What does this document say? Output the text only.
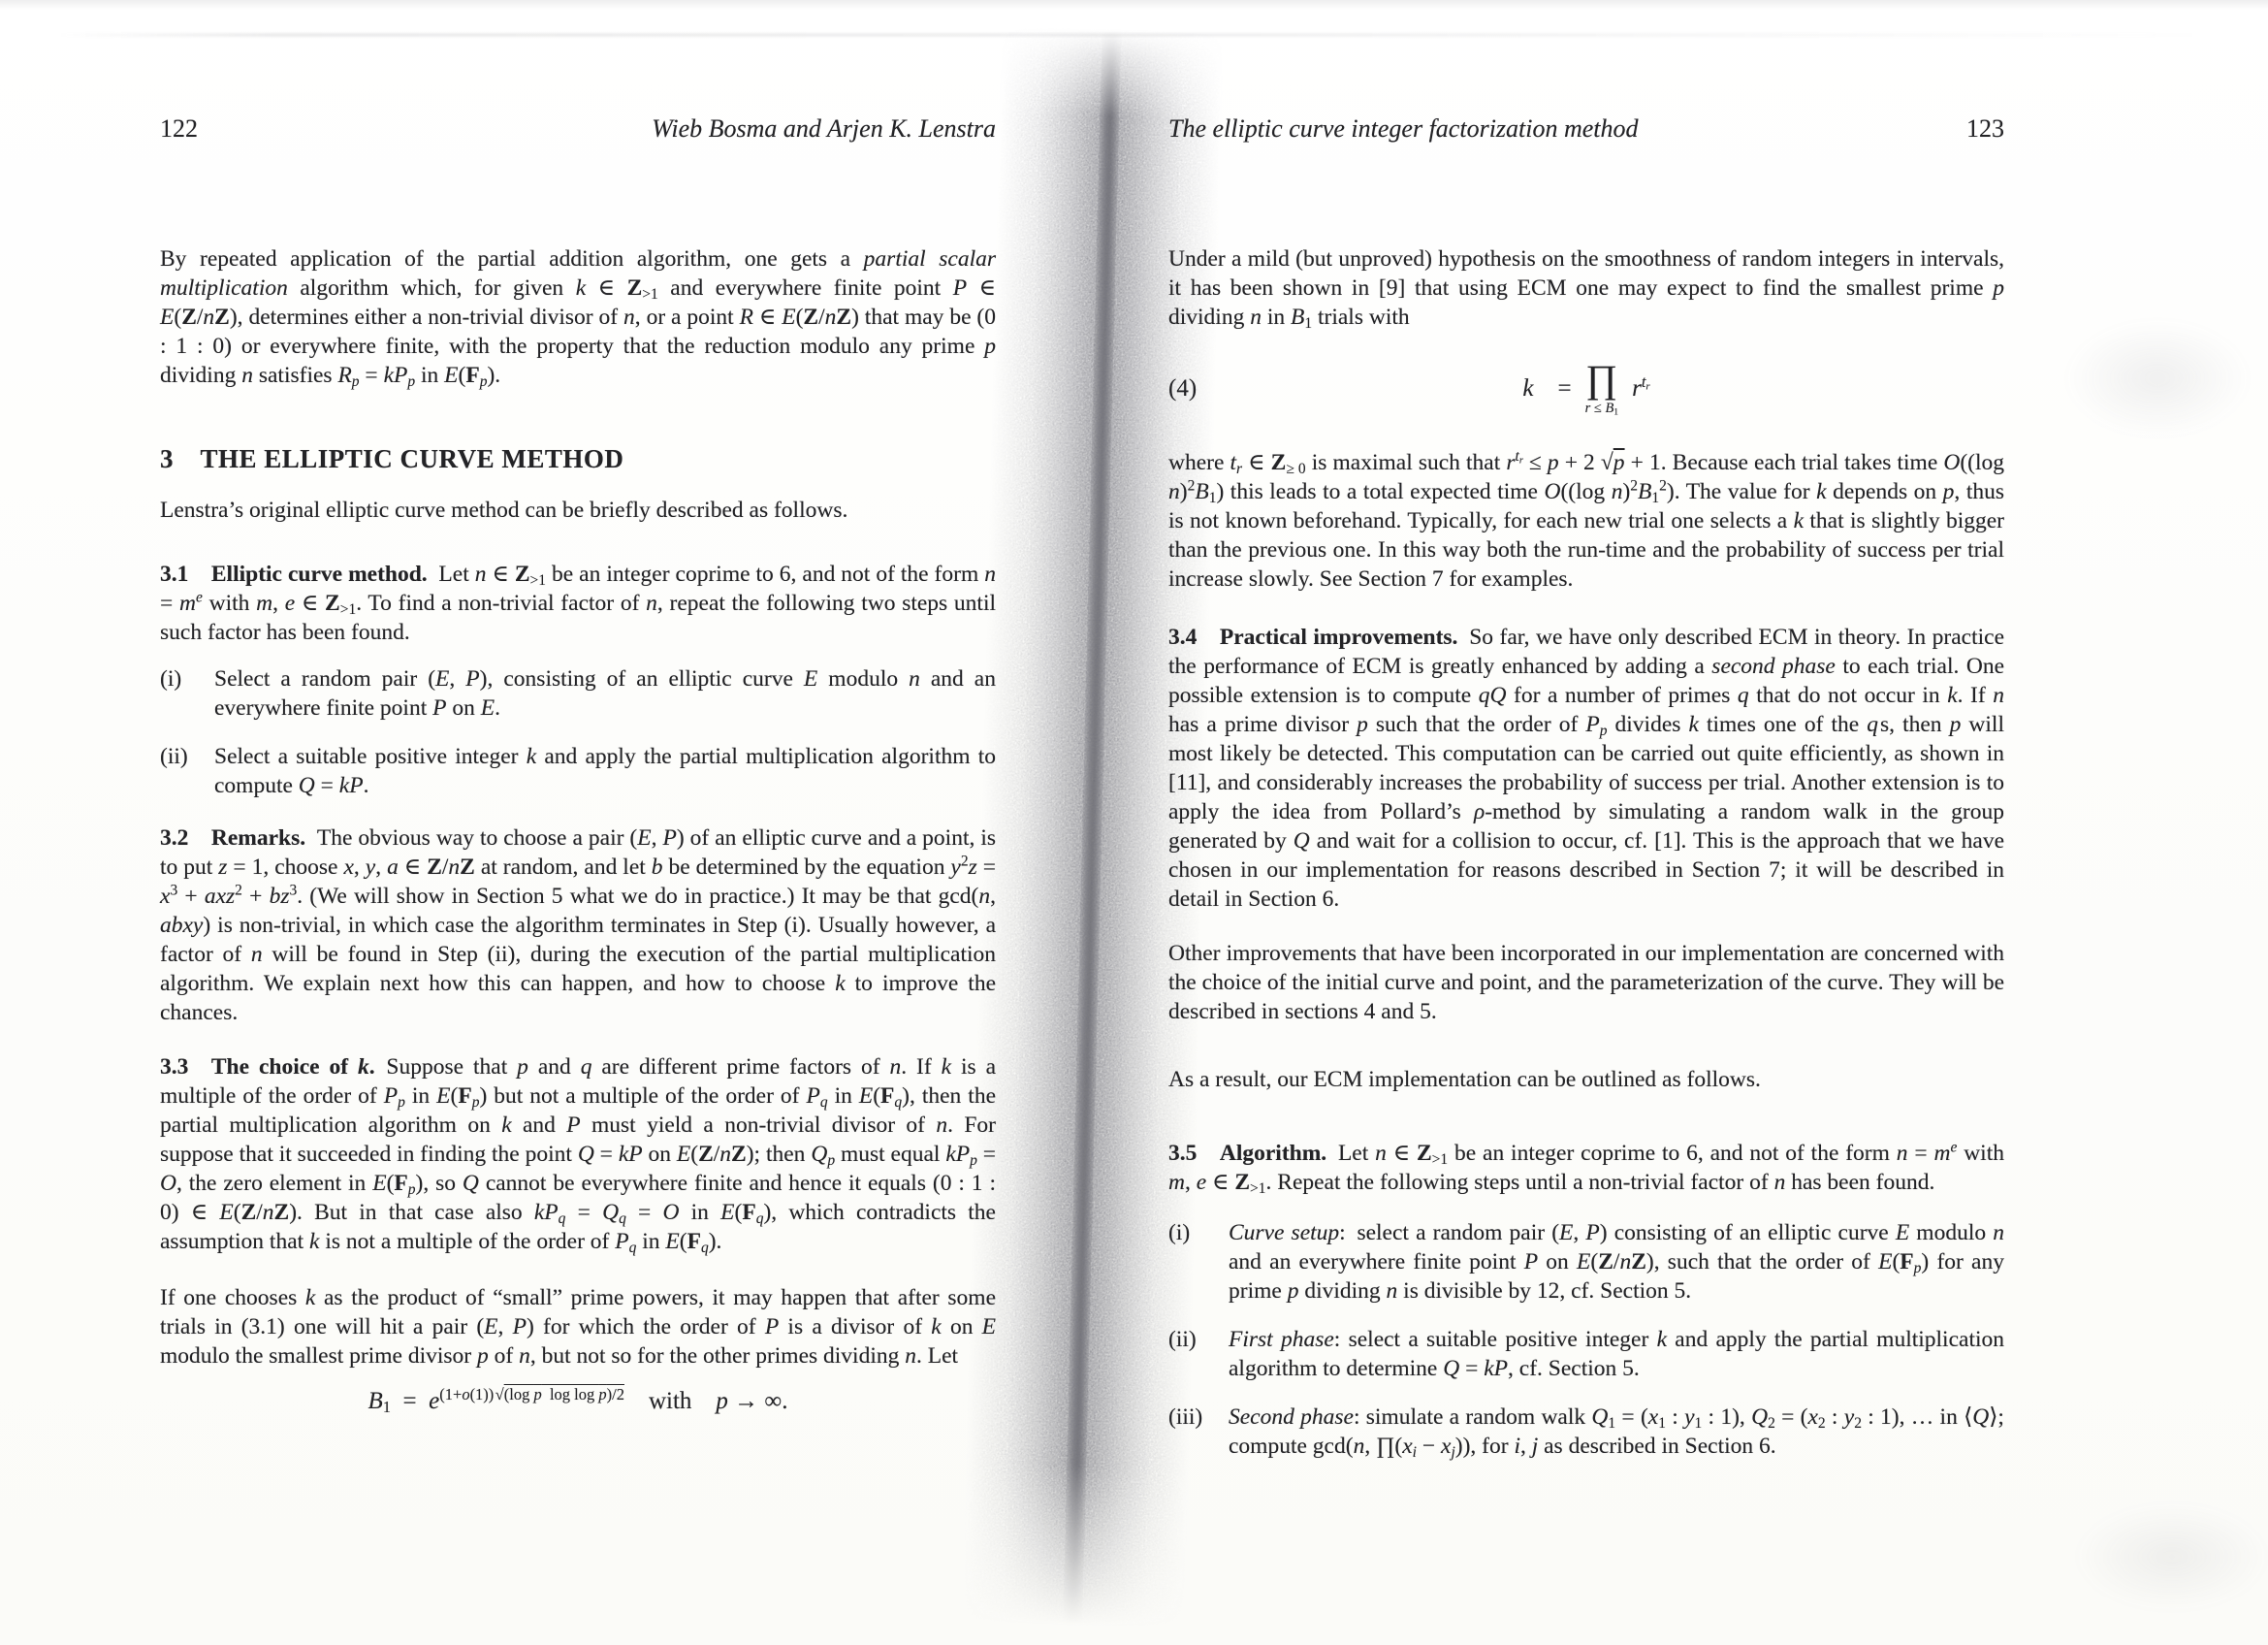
122	Wieb Bosma and Arjen K. Lenstra
By repeated application of the partial addition algorithm, one gets a partial scalar multiplication algorithm which, for given k ∈ $Z_{>1}$ and everywhere finite point P ∈ E(Z/nZ), determines either a non-trivial divisor of n, or a point R ∈ E(Z/nZ) that may be (0 : 1 : 0) or everywhere finite, with the property that the reduction modulo any prime p dividing n satisfies $R_p = kP_p$ in $E(F_p)$.
3 THE ELLIPTIC CURVE METHOD
Lenstra’s original elliptic curve method can be briefly described as follows.
3.1 Elliptic curve method. Let n ∈ $Z_{>1}$ be an integer coprime to 6, and not of the form $n = m^e$ with m, e ∈ $Z_{>1}$. To find a non-trivial factor of n, repeat the following two steps until such factor has been found.
(i) Select a random pair (E, P), consisting of an elliptic curve E modulo n and an everywhere finite point P on E.
(ii) Select a suitable positive integer k and apply the partial multiplication algorithm to compute Q = kP.
3.2 Remarks. The obvious way to choose a pair (E, P) of an elliptic curve and a point, is to put z = 1, choose x, y, a ∈ Z/nZ at random, and let b be determined by the equation $y^2z = x^3 + axz^2 + bz^3$. (We will show in Section 5 what we do in practice.) It may be that gcd(n, abxy) is non-trivial, in which case the algorithm terminates in Step (i). Usually however, a factor of n will be found in Step (ii), during the execution of the partial multiplication algorithm. We explain next how this can happen, and how to choose k to improve the chances.
3.3 The choice of k. Suppose that p and q are different prime factors of n. If k is a multiple of the order of $P_p$ in $E(F_p)$ but not a multiple of the order of $P_q$ in $E(F_q)$, then the partial multiplication algorithm on k and P must yield a non-trivial divisor of n. For suppose that it succeeded in finding the point Q = kP on E(Z/nZ); then $Q_p$ must equal $kP_p = O$, the zero element in $E(F_p)$, so Q cannot be everywhere finite and hence it equals (0 : 1 : 0) ∈ E(Z/nZ). But in that case also $kP_q = Q_q = O$ in $E(F_q)$, which contradicts the assumption that k is not a multiple of the order of $P_q$ in $E(F_q)$.
If one chooses k as the product of “small” prime powers, it may happen that after some trials in (3.1) one will hit a pair (E, P) for which the order of P is a divisor of k on E modulo the smallest prime divisor p of n, but not so for the other primes dividing n. Let
$B_1$ = $e^{(1+o(1)) √(log p log log p)/2}$ with p → ∞.
The elliptic curve integer factorization method	123
Under a mild (but unproved) hypothesis on the smoothness of random integers in intervals, it has been shown in [9] that using ECM one may expect to find the smallest prime p dividing n in $B_1$ trials with
(4)	k = ∏
$r \le B_1$
$r^{t_r}$
where $t_r$ ∈ $Z_{\ge 0}$ is maximal such that $r^{t_r} \le p + 2$ √p + 1. Because each trial takes time O((log $n)^2B_1$) this leads to a total expected time O((log $n)^2B_1^2$). The value for k depends on p, thus is not known beforehand. Typically, for each new trial one selects a k that is slightly bigger than the previous one. In this way both the run-time and the probability of success per trial increase slowly. See Section 7 for examples.
3.4 Practical improvements. So far, we have only described ECM in theory. In practice the performance of ECM is greatly enhanced by adding a second phase to each trial. One possible extension is to compute qQ for a number of primes q that do not occur in k. If n has a prime divisor p such that the order of $P_p$ divides k times one of the q s, then p will most likely be detected. This computation can be carried out quite efficiently, as shown in [11], and considerably increases the probability of success per trial. Another extension is to apply the idea from Pollard’s ρ-method by simulating a random walk in the group generated by Q and wait for a collision to occur, cf. [1]. This is the approach that we have chosen in our implementation for reasons described in Section 7; it will be described in detail in Section 6.
Other improvements that have been incorporated in our implementation are concerned with the choice of the initial curve and point, and the parameterization of the curve. They will be described in sections 4 and 5.
As a result, our ECM implementation can be outlined as follows.
3.5 Algorithm. Let n ∈ $Z_{>1}$ be an integer coprime to 6, and not of the form $n = m^e$ with m, e ∈ $Z_{>1}$. Repeat the following steps until a non-trivial factor of n has been found.
(i) Curve setup: select a random pair (E, P) consisting of an elliptic curve E modulo n and an everywhere finite point P on E(Z/nZ), such that the order of $E(F_p)$ for any prime p dividing n is divisible by 12, cf. Section 5.
(ii) First phase: select a suitable positive integer k and apply the partial multiplication algorithm to determine Q = kP, cf. Section 5.
(iii) Second phase: simulate a random walk $Q_1 = (x_1$ : $y_1$ : 1), $Q_2 = (x_2$ : $y_2$ : 1), … in ⟨Q⟩; compute gcd(n, $\prod(x_i - x_j)$), for i, j as described in Section 6.
